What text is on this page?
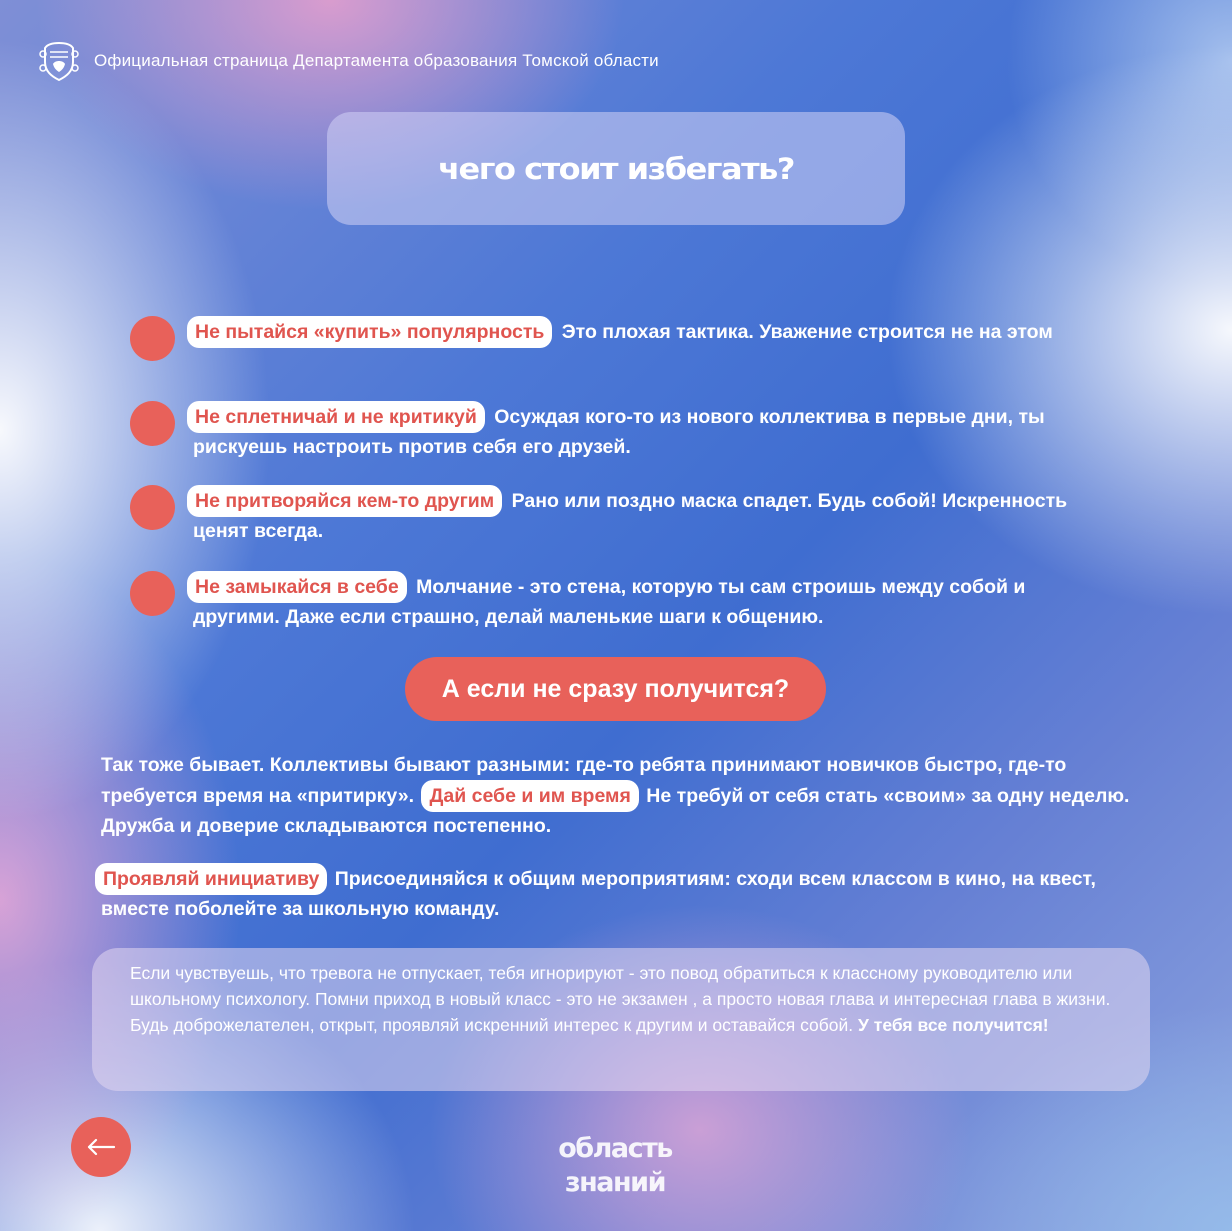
Официальная страница Департамента образования Томской области
чего стоит избегать?
Не пытайся «купить» популярность Это плохая тактика. Уважение строится не на этом
Не сплетничай и не критикуй Осуждая кого-то из нового коллектива в первые дни, ты рискуешь настроить против себя его друзей.
Не притворяйся кем-то другим Рано или поздно маска спадет. Будь собой! Искренность ценят всегда.
Не замыкайся в себе Молчание - это стена, которую ты сам строишь между собой и другими. Даже если страшно, делай маленькие шаги к общению.
А если не сразу получится?
Так тоже бывает. Коллективы бывают разными: где-то ребята принимают новичков быстро, где-то требуется время на «притирку». Дай себе и им время Не требуй от себя стать «своим» за одну неделю. Дружба и доверие складываются постепенно.
Проявляй инициативу Присоединяйся к общим мероприятиям: сходи всем классом в кино, на квест, вместе поболейте за школьную команду.

Если чувствуешь, что тревога не отпускает, тебя игнорируют - это повод обратиться к классному руководителю или школьному психологу. Помни приход в новый класс - это не экзамен , а просто новая глава и интересная глава в жизни. Будь доброжелателен, открыт, проявляй искренний интерес к другим и оставайся собой. У тебя все получится!

область
знаний
